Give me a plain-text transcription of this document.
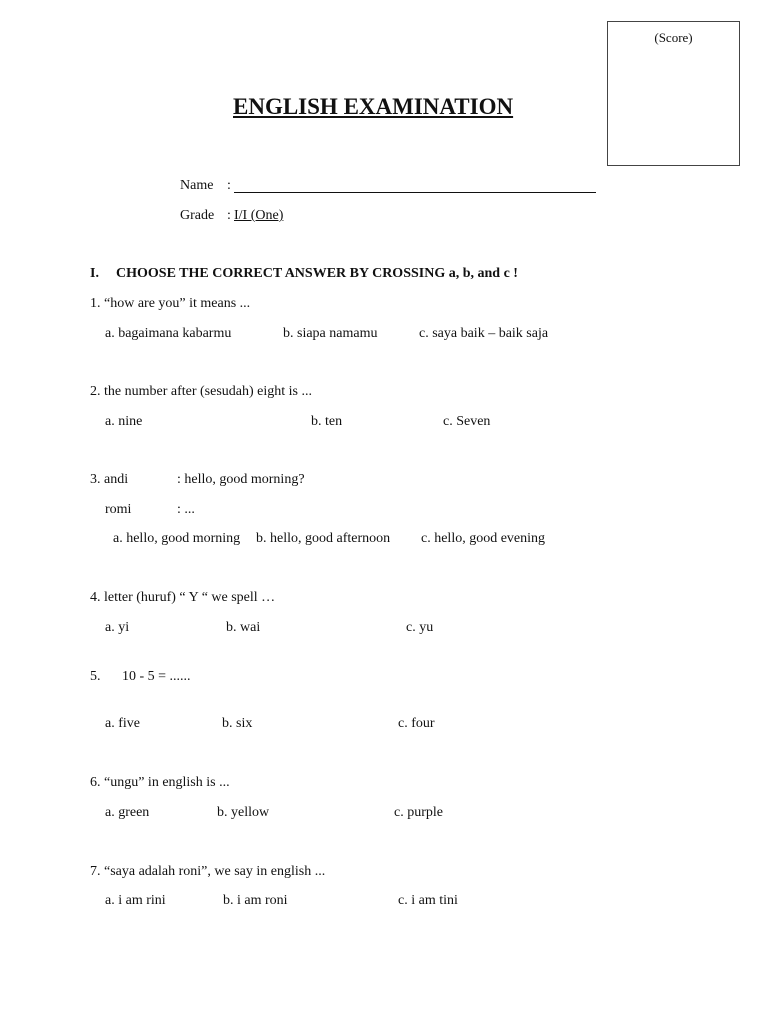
(Score)
ENGLISH EXAMINATION
Name :
Grade : I/I (One)
I. CHOOSE THE CORRECT ANSWER BY CROSSING a, b, and c !
1. “how are you” it means ...
a. bagaimana kabarmu	b. siapa namamu	c. saya baik – baik saja
2. the number after (sesudah) eight is ...
a. nine	b. ten	c. Seven
3. andi	: hello, good morning?
romi	: ...
a. hello, good morning b. hello, good afternoon c. hello, good evening
4. letter (huruf) “ Y “ we spell …
a. yi	b. wai	c. yu
5. 10 - 5 = ......
a. five	b. six	c. four
6. “ungu” in english is ...
a. green	b. yellow	c. purple
7. “saya adalah roni”, we say in english ...
a. i am rini	b. i am roni	c. i am tini
